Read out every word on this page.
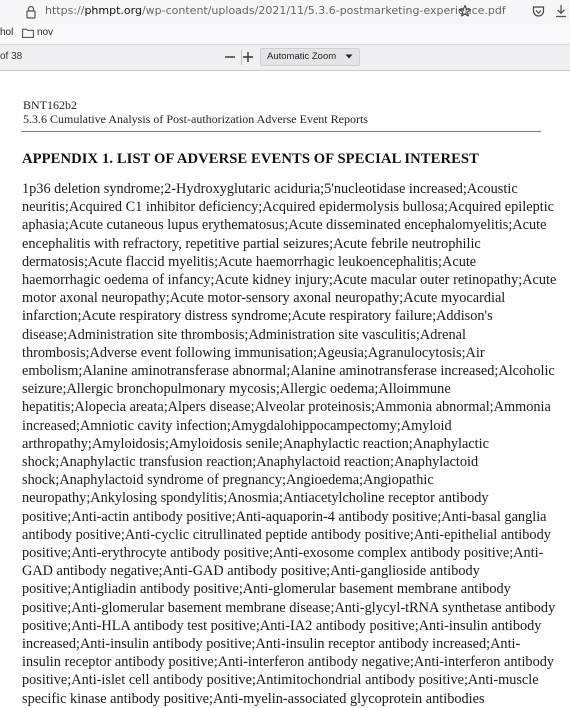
https://phmpt.org/wp-content/uploads/2021/11/5.3.6-postmarketing-experience.pdf
hol nov
of 38	Automatic Zoom
BNT162b2
5.3.6 Cumulative Analysis of Post-authorization Adverse Event Reports
APPENDIX 1. LIST OF ADVERSE EVENTS OF SPECIAL INTEREST
1p36 deletion syndrome;2-Hydroxyglutaric aciduria;5'nucleotidase increased;Acoustic
neuritis;Acquired C1 inhibitor deficiency;Acquired epidermolysis bullosa;Acquired epileptic
aphasia;Acute cutaneous lupus erythematosus;Acute disseminated encephalomyelitis;Acute
encephalitis with refractory, repetitive partial seizures;Acute febrile neutrophilic
dermatosis;Acute flaccid myelitis;Acute haemorrhagic leukoencephalitis;Acute
haemorrhagic oedema of infancy;Acute kidney injury;Acute macular outer retinopathy;Acute
motor axonal neuropathy;Acute motor-sensory axonal neuropathy;Acute myocardial
infarction;Acute respiratory distress syndrome;Acute respiratory failure;Addison's
disease;Administration site thrombosis;Administration site vasculitis;Adrenal
thrombosis;Adverse event following immunisation;Ageusia;Agranulocytosis;Air
embolism;Alanine aminotransferase abnormal;Alanine aminotransferase increased;Alcoholic
seizure;Allergic bronchopulmonary mycosis;Allergic oedema;Alloimmune
hepatitis;Alopecia areata;Alpers disease;Alveolar proteinosis;Ammonia abnormal;Ammonia
increased;Amniotic cavity infection;Amygdalohippocampectomy;Amyloid
arthropathy;Amyloidosis;Amyloidosis senile;Anaphylactic reaction;Anaphylactic
shock;Anaphylactic transfusion reaction;Anaphylactoid reaction;Anaphylactoid
shock;Anaphylactoid syndrome of pregnancy;Angioedema;Angiopathic
neuropathy;Ankylosing spondylitis;Anosmia;Antiacetylcholine receptor antibody
positive;Anti-actin antibody positive;Anti-aquaporin-4 antibody positive;Anti-basal ganglia
antibody positive;Anti-cyclic citrullinated peptide antibody positive;Anti-epithelial antibody
positive;Anti-erythrocyte antibody positive;Anti-exosome complex antibody positive;Anti-
GAD antibody negative;Anti-GAD antibody positive;Anti-ganglioside antibody
positive;Antigliadin antibody positive;Anti-glomerular basement membrane antibody
positive;Anti-glomerular basement membrane disease;Anti-glycyl-tRNA synthetase antibody
positive;Anti-HLA antibody test positive;Anti-IA2 antibody positive;Anti-insulin antibody
increased;Anti-insulin antibody positive;Anti-insulin receptor antibody increased;Anti-
insulin receptor antibody positive;Anti-interferon antibody negative;Anti-interferon antibody
positive;Anti-islet cell antibody positive;Antimitochondrial antibody positive;Anti-muscle
specific kinase antibody positive;Anti-myelin-associated glycoprotein antibodies
